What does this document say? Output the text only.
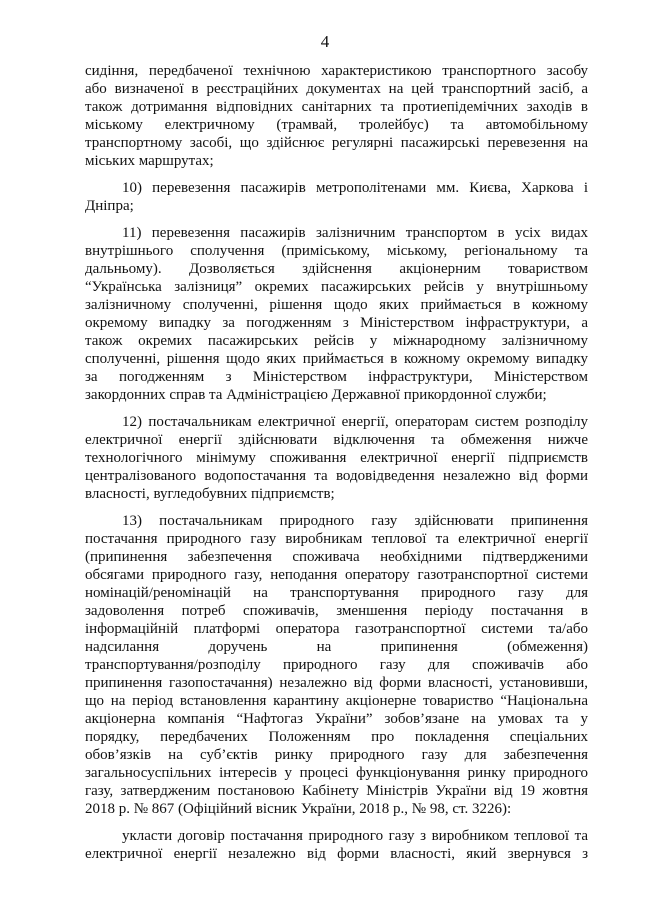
4

сидіння, передбаченої технічною характеристикою транспортного засобу
або визначеної в реєстраційних документах на цей транспортний засіб, а
також дотримання відповідних санітарних та протиепідемічних заходів в
міському електричному (трамвай, тролейбус) та автомобільному
транспортному засобі, що здійснює регулярні пасажирські перевезення на
міських маршрутах;

10) перевезення пасажирів метрополітенами мм. Києва, Харкова і
Дніпра;

11) перевезення пасажирів залізничним транспортом в усіх видах
внутрішнього сполучення (приміському, міському, регіональному та
дальньому). Дозволяється здійснення акціонерним товариством
“Українська залізниця” окремих пасажирських рейсів у внутрішньому
залізничному сполученні, рішення щодо яких приймається в кожному
окремому випадку за погодженням з Міністерством інфраструктури, а
також окремих пасажирських рейсів у міжнародному залізничному
сполученні, рішення щодо яких приймається в кожному окремому випадку
за погодженням з Міністерством інфраструктури, Міністерством
закордонних справ та Адміністрацією Державної прикордонної служби;

12) постачальникам електричної енергії, операторам систем розподілу
електричної енергії здійснювати відключення та обмеження нижче
технологічного мінімуму споживання електричної енергії підприємств
централізованого водопостачання та водовідведення незалежно від форми
власності, вугледобувних підприємств;

13) постачальникам природного газу здійснювати припинення
постачання природного газу виробникам теплової та електричної енергії
(припинення забезпечення споживача необхідними підтвердженими
обсягами природного газу, неподання оператору газотранспортної системи
номінацій/реномінацій на транспортування природного газу для
задоволення потреб споживачів, зменшення періоду постачання в
інформаційній платформі оператора газотранспортної системи та/або
надсилання доручень на припинення (обмеження)
транспортування/розподілу природного газу для споживачів або
припинення газопостачання) незалежно від форми власності, установивши,
що на період встановлення карантину акціонерне товариство “Національна
акціонерна компанія “Нафтогаз України” зобов’язане на умовах та у
порядку, передбачених Положенням про покладення спеціальних
обов’язків на суб’єктів ринку природного газу для забезпечення
загальносуспільних інтересів у процесі функціонування ринку природного
газу, затвердженим постановою Кабінету Міністрів України від 19 жовтня
2018 р. № 867 (Офіційний вісник України, 2018 р., № 98, ст. 3226):

укласти договір постачання природного газу з виробником теплової та
електричної енергії незалежно від форми власності, який звернувся з
